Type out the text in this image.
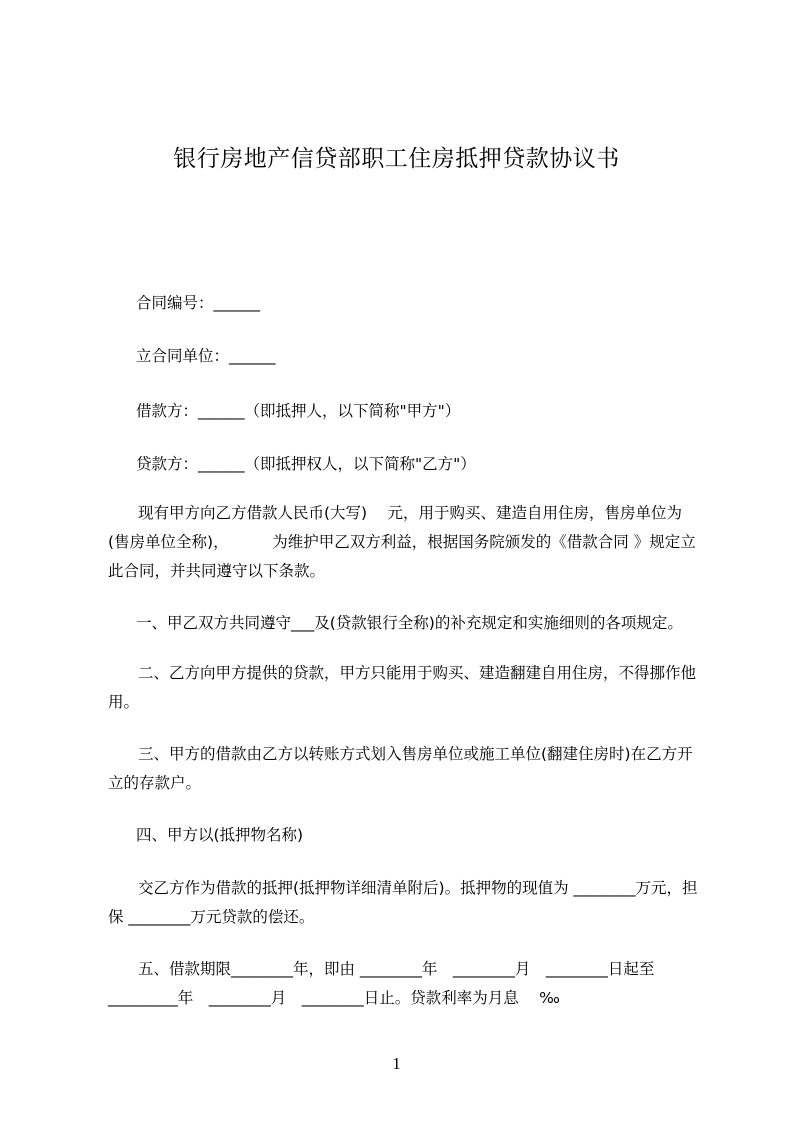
银行房地产信贷部职工住房抵押贷款协议书
合同编号：______
立合同单位：______
借款方：______（即抵押人，以下简称"甲方"）
贷款方：______（即抵押权人，以下简称"乙方"）
现有甲方向乙方借款人民币(大写)　 元，用于购买、建造自用住房，售房单位为(售房单位全称)，　　　 为维护甲乙双方利益，根据国务院颁发的《借款合同 》规定立此合同，并共同遵守以下条款。
一、甲乙双方共同遵守___及(贷款银行全称)的补充规定和实施细则的各项规定。
二、乙方向甲方提供的贷款，甲方只能用于购买、建造翻建自用住房，不得挪作他用。
三、甲方的借款由乙方以转账方式划入售房单位或施工单位(翻建住房时)在乙方开立的存款户。
四、甲方以(抵押物名称)
交乙方作为借款的抵押(抵押物详细清单附后)。抵押物的现值为 ________万元，担保 ________万元贷款的偿还。
五、借款期限________年，即由 ________年　________月　________日起至　_________年　________月　________日止。贷款利率为月息　 ‰
1
